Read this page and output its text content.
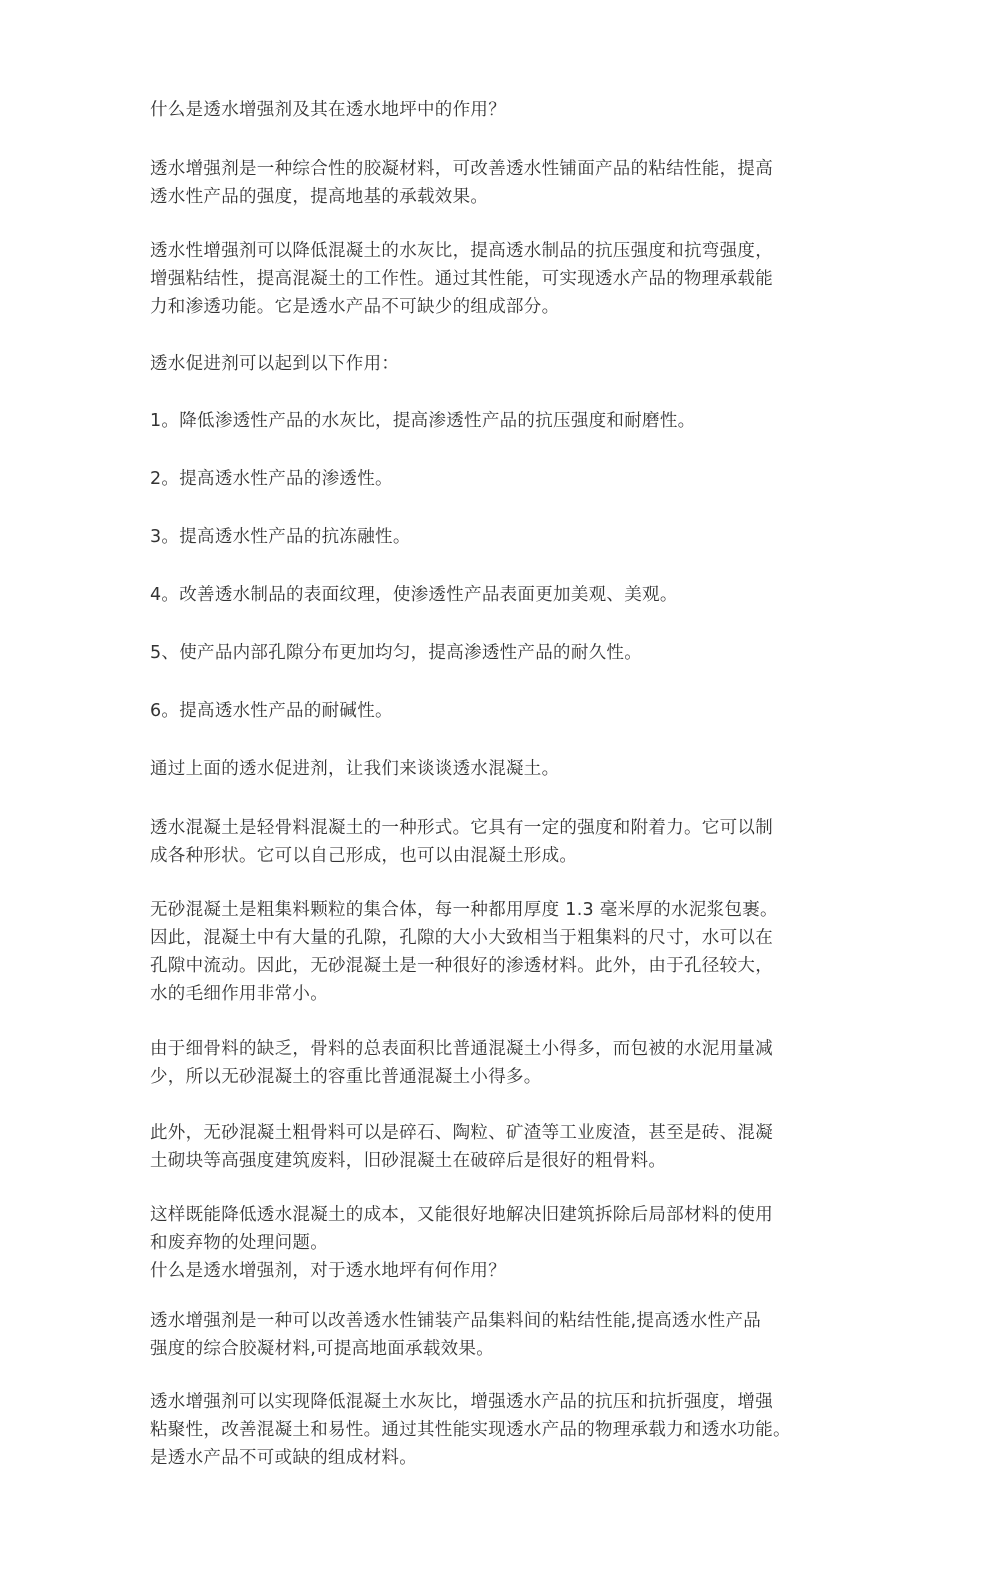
什么是透水增强剂及其在透水地坪中的作用？
透水增强剂是一种综合性的胶凝材料，可改善透水性铺面产品的粘结性能，提高
透水性产品的强度，提高地基的承载效果。
透水性增强剂可以降低混凝土的水灰比，提高透水制品的抗压强度和抗弯强度，
增强粘结性，提高混凝土的工作性。通过其性能，可实现透水产品的物理承载能
力和渗透功能。它是透水产品不可缺少的组成部分。
透水促进剂可以起到以下作用：
1。降低渗透性产品的水灰比，提高渗透性产品的抗压强度和耐磨性。
2。提高透水性产品的渗透性。
3。提高透水性产品的抗冻融性。
4。改善透水制品的表面纹理，使渗透性产品表面更加美观、美观。
5、使产品内部孔隙分布更加均匀，提高渗透性产品的耐久性。
6。提高透水性产品的耐碱性。
通过上面的透水促进剂，让我们来谈谈透水混凝土。
透水混凝土是轻骨料混凝土的一种形式。它具有一定的强度和附着力。它可以制
成各种形状。它可以自己形成，也可以由混凝土形成。
无砂混凝土是粗集料颗粒的集合体，每一种都用厚度 1.3 毫米厚的水泥浆包裹。
因此，混凝土中有大量的孔隙，孔隙的大小大致相当于粗集料的尺寸，水可以在
孔隙中流动。因此，无砂混凝土是一种很好的渗透材料。此外，由于孔径较大，
水的毛细作用非常小。
由于细骨料的缺乏，骨料的总表面积比普通混凝土小得多，而包被的水泥用量减
少，所以无砂混凝土的容重比普通混凝土小得多。
此外，无砂混凝土粗骨料可以是碎石、陶粒、矿渣等工业废渣，甚至是砖、混凝
土砌块等高强度建筑废料，旧砂混凝土在破碎后是很好的粗骨料。
这样既能降低透水混凝土的成本，又能很好地解决旧建筑拆除后局部材料的使用
和废弃物的处理问题。
什么是透水增强剂，对于透水地坪有何作用？
透水增强剂是一种可以改善透水性铺装产品集料间的粘结性能,提高透水性产品
强度的综合胶凝材料,可提高地面承载效果。
透水增强剂可以实现降低混凝土水灰比，增强透水产品的抗压和抗折强度，增强
粘聚性，改善混凝土和易性。通过其性能实现透水产品的物理承载力和透水功能。
是透水产品不可或缺的组成材料。
